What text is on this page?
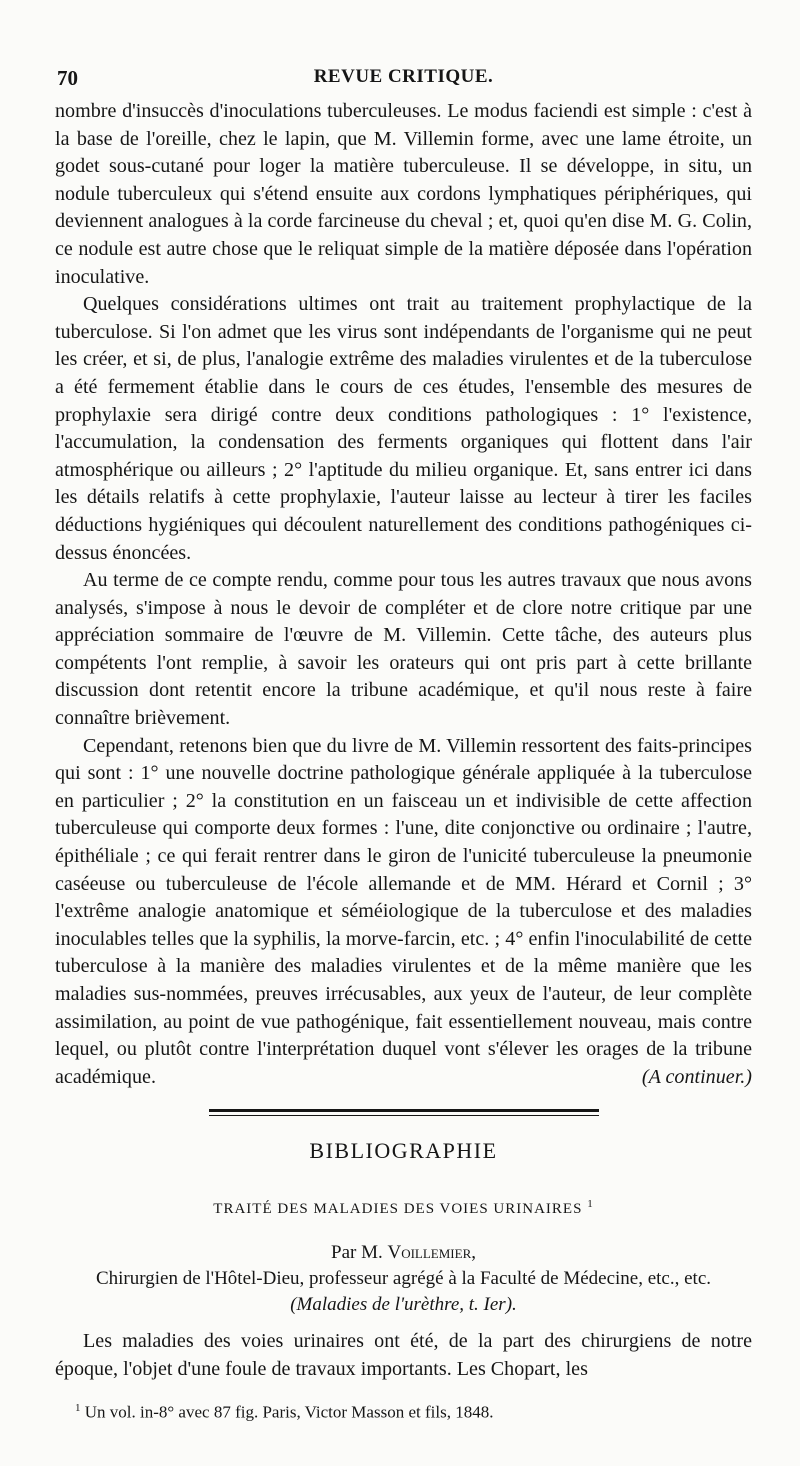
70	REVUE CRITIQUE.

nombre d'insuccès d'inoculations tuberculeuses. Le modus faciendi est simple : c'est à la base de l'oreille, chez le lapin, que M. Villemin forme, avec une lame étroite, un godet sous-cutané pour loger la matière tuberculeuse. Il se développe, in situ, un nodule tuberculeux qui s'étend ensuite aux cordons lymphatiques périphériques, qui deviennent analogues à la corde farcineuse du cheval ; et, quoi qu'en dise M. G. Colin, ce nodule est autre chose que le reliquat simple de la matière déposée dans l'opération inoculative.

Quelques considérations ultimes ont trait au traitement prophylactique de la tuberculose. Si l'on admet que les virus sont indépendants de l'organisme qui ne peut les créer, et si, de plus, l'analogie extrême des maladies virulentes et de la tuberculose a été fermement établie dans le cours de ces études, l'ensemble des mesures de prophylaxie sera dirigé contre deux conditions pathologiques : 1° l'existence, l'accumulation, la condensation des ferments organiques qui flottent dans l'air atmosphérique ou ailleurs ; 2° l'aptitude du milieu organique. Et, sans entrer ici dans les détails relatifs à cette prophylaxie, l'auteur laisse au lecteur à tirer les faciles déductions hygiéniques qui découlent naturellement des conditions pathogéniques ci-dessus énoncées.

Au terme de ce compte rendu, comme pour tous les autres travaux que nous avons analysés, s'impose à nous le devoir de compléter et de clore notre critique par une appréciation sommaire de l'œuvre de M. Villemin. Cette tâche, des auteurs plus compétents l'ont remplie, à savoir les orateurs qui ont pris part à cette brillante discussion dont retentit encore la tribune académique, et qu'il nous reste à faire connaître brièvement.

Cependant, retenons bien que du livre de M. Villemin ressortent des faits-principes qui sont : 1° une nouvelle doctrine pathologique générale appliquée à la tuberculose en particulier ; 2° la constitution en un faisceau un et indivisible de cette affection tuberculeuse qui comporte deux formes : l'une, dite conjonctive ou ordinaire ; l'autre, épithéliale ; ce qui ferait rentrer dans le giron de l'unicité tuberculeuse la pneumonie caséeuse ou tuberculeuse de l'école allemande et de MM. Hérard et Cornil ; 3° l'extrême analogie anatomique et séméiologique de la tuberculose et des maladies inoculables telles que la syphilis, la morve-farcin, etc. ; 4° enfin l'inoculabilité de cette tuberculose à la manière des maladies virulentes et de la même manière que les maladies sus-nommées, preuves irrécusables, aux yeux de l'auteur, de leur complète assimilation, au point de vue pathogénique, fait essentiellement nouveau, mais contre lequel, ou plutôt contre l'interprétation duquel vont s'élever les orages de la tribune académique.	(A continuer.)

BIBLIOGRAPHIE
TRAITÉ DES MALADIES DES VOIES URINAIRES $^1$
Par M. Voillemier,
Chirurgien de l'Hôtel-Dieu, professeur agrégé à la Faculté de Médecine, etc., etc.
(Maladies de l'urèthre, t. Ier).

Les maladies des voies urinaires ont été, de la part des chirurgiens de notre époque, l'objet d'une foule de travaux importants. Les Chopart, les

$^1$ Un vol. in-8° avec 87 fig. Paris, Victor Masson et fils, 1848.
